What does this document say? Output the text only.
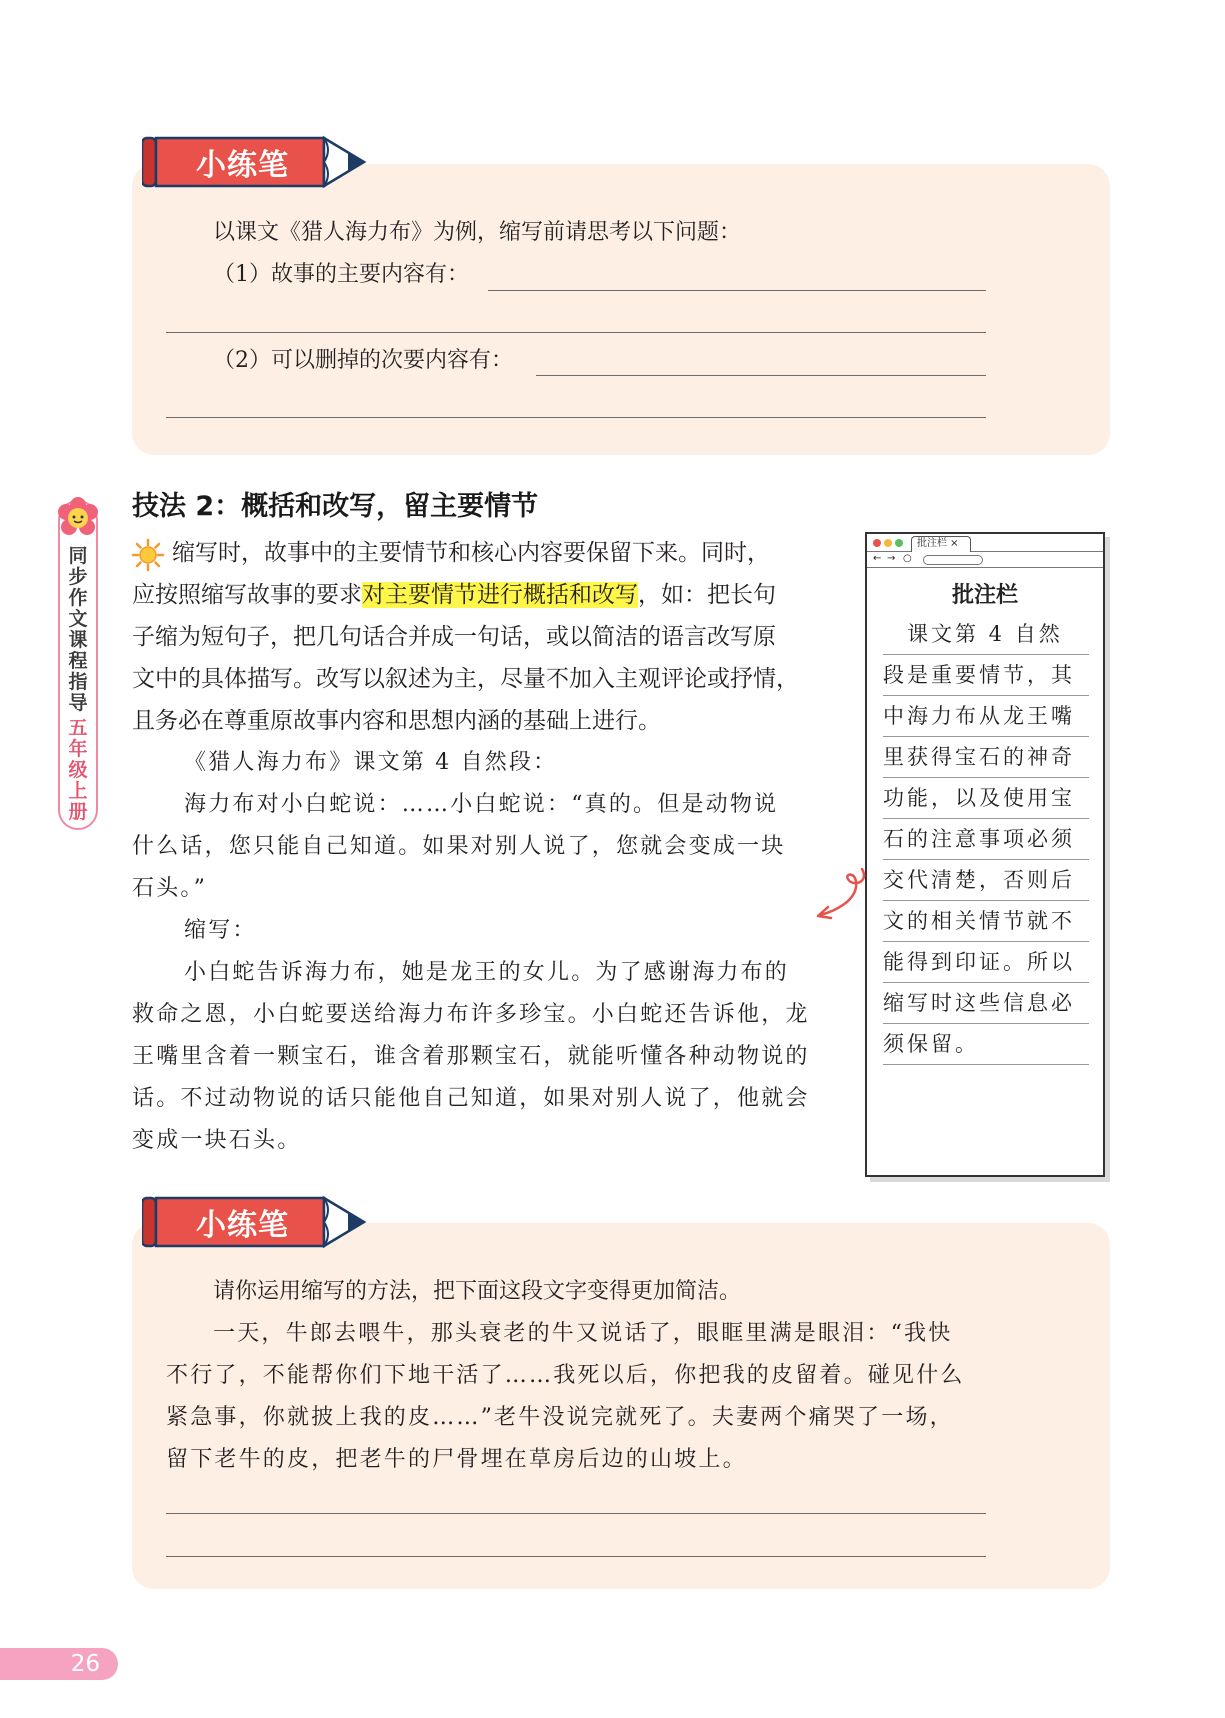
小练笔
以课文《猎人海力布》为例，缩写前请思考以下问题：
（1）故事的主要内容有：
（2）可以删掉的次要内容有：
同步作文课程指导
五年级上册
技法 2：概括和改写，留主要情节
缩写时，故事中的主要情节和核心内容要保留下来。同时，
应按照缩写故事的要求对主要情节进行概括和改写，如：把长句
子缩为短句子，把几句话合并成一句话，或以简洁的语言改写原
文中的具体描写。改写以叙述为主，尽量不加入主观评论或抒情，
且务必在尊重原故事内容和思想内涵的基础上进行。
《猎人海力布》课文第 4 自然段：
海力布对小白蛇说：……小白蛇说：“真的。但是动物说
什么话，您只能自己知道。如果对别人说了，您就会变成一块
石头。”
缩写：
小白蛇告诉海力布，她是龙王的女儿。为了感谢海力布的
救命之恩，小白蛇要送给海力布许多珍宝。小白蛇还告诉他，龙
王嘴里含着一颗宝石，谁含着那颗宝石，就能听懂各种动物说的
话。不过动物说的话只能他自己知道，如果对别人说了，他就会
变成一块石头。
批注栏 ×
← → ○
批注栏
　课文第 4 自然
段是重要情节，其
中海力布从龙王嘴
里获得宝石的神奇
功能，以及使用宝
石的注意事项必须
交代清楚，否则后
文的相关情节就不
能得到印证。所以
缩写时这些信息必
须保留。
小练笔
请你运用缩写的方法，把下面这段文字变得更加简洁。
一天，牛郎去喂牛，那头衰老的牛又说话了，眼眶里满是眼泪：“我快
不行了，不能帮你们下地干活了……我死以后，你把我的皮留着。碰见什么
紧急事，你就披上我的皮……”老牛没说完就死了。夫妻两个痛哭了一场，
留下老牛的皮，把老牛的尸骨埋在草房后边的山坡上。
26
